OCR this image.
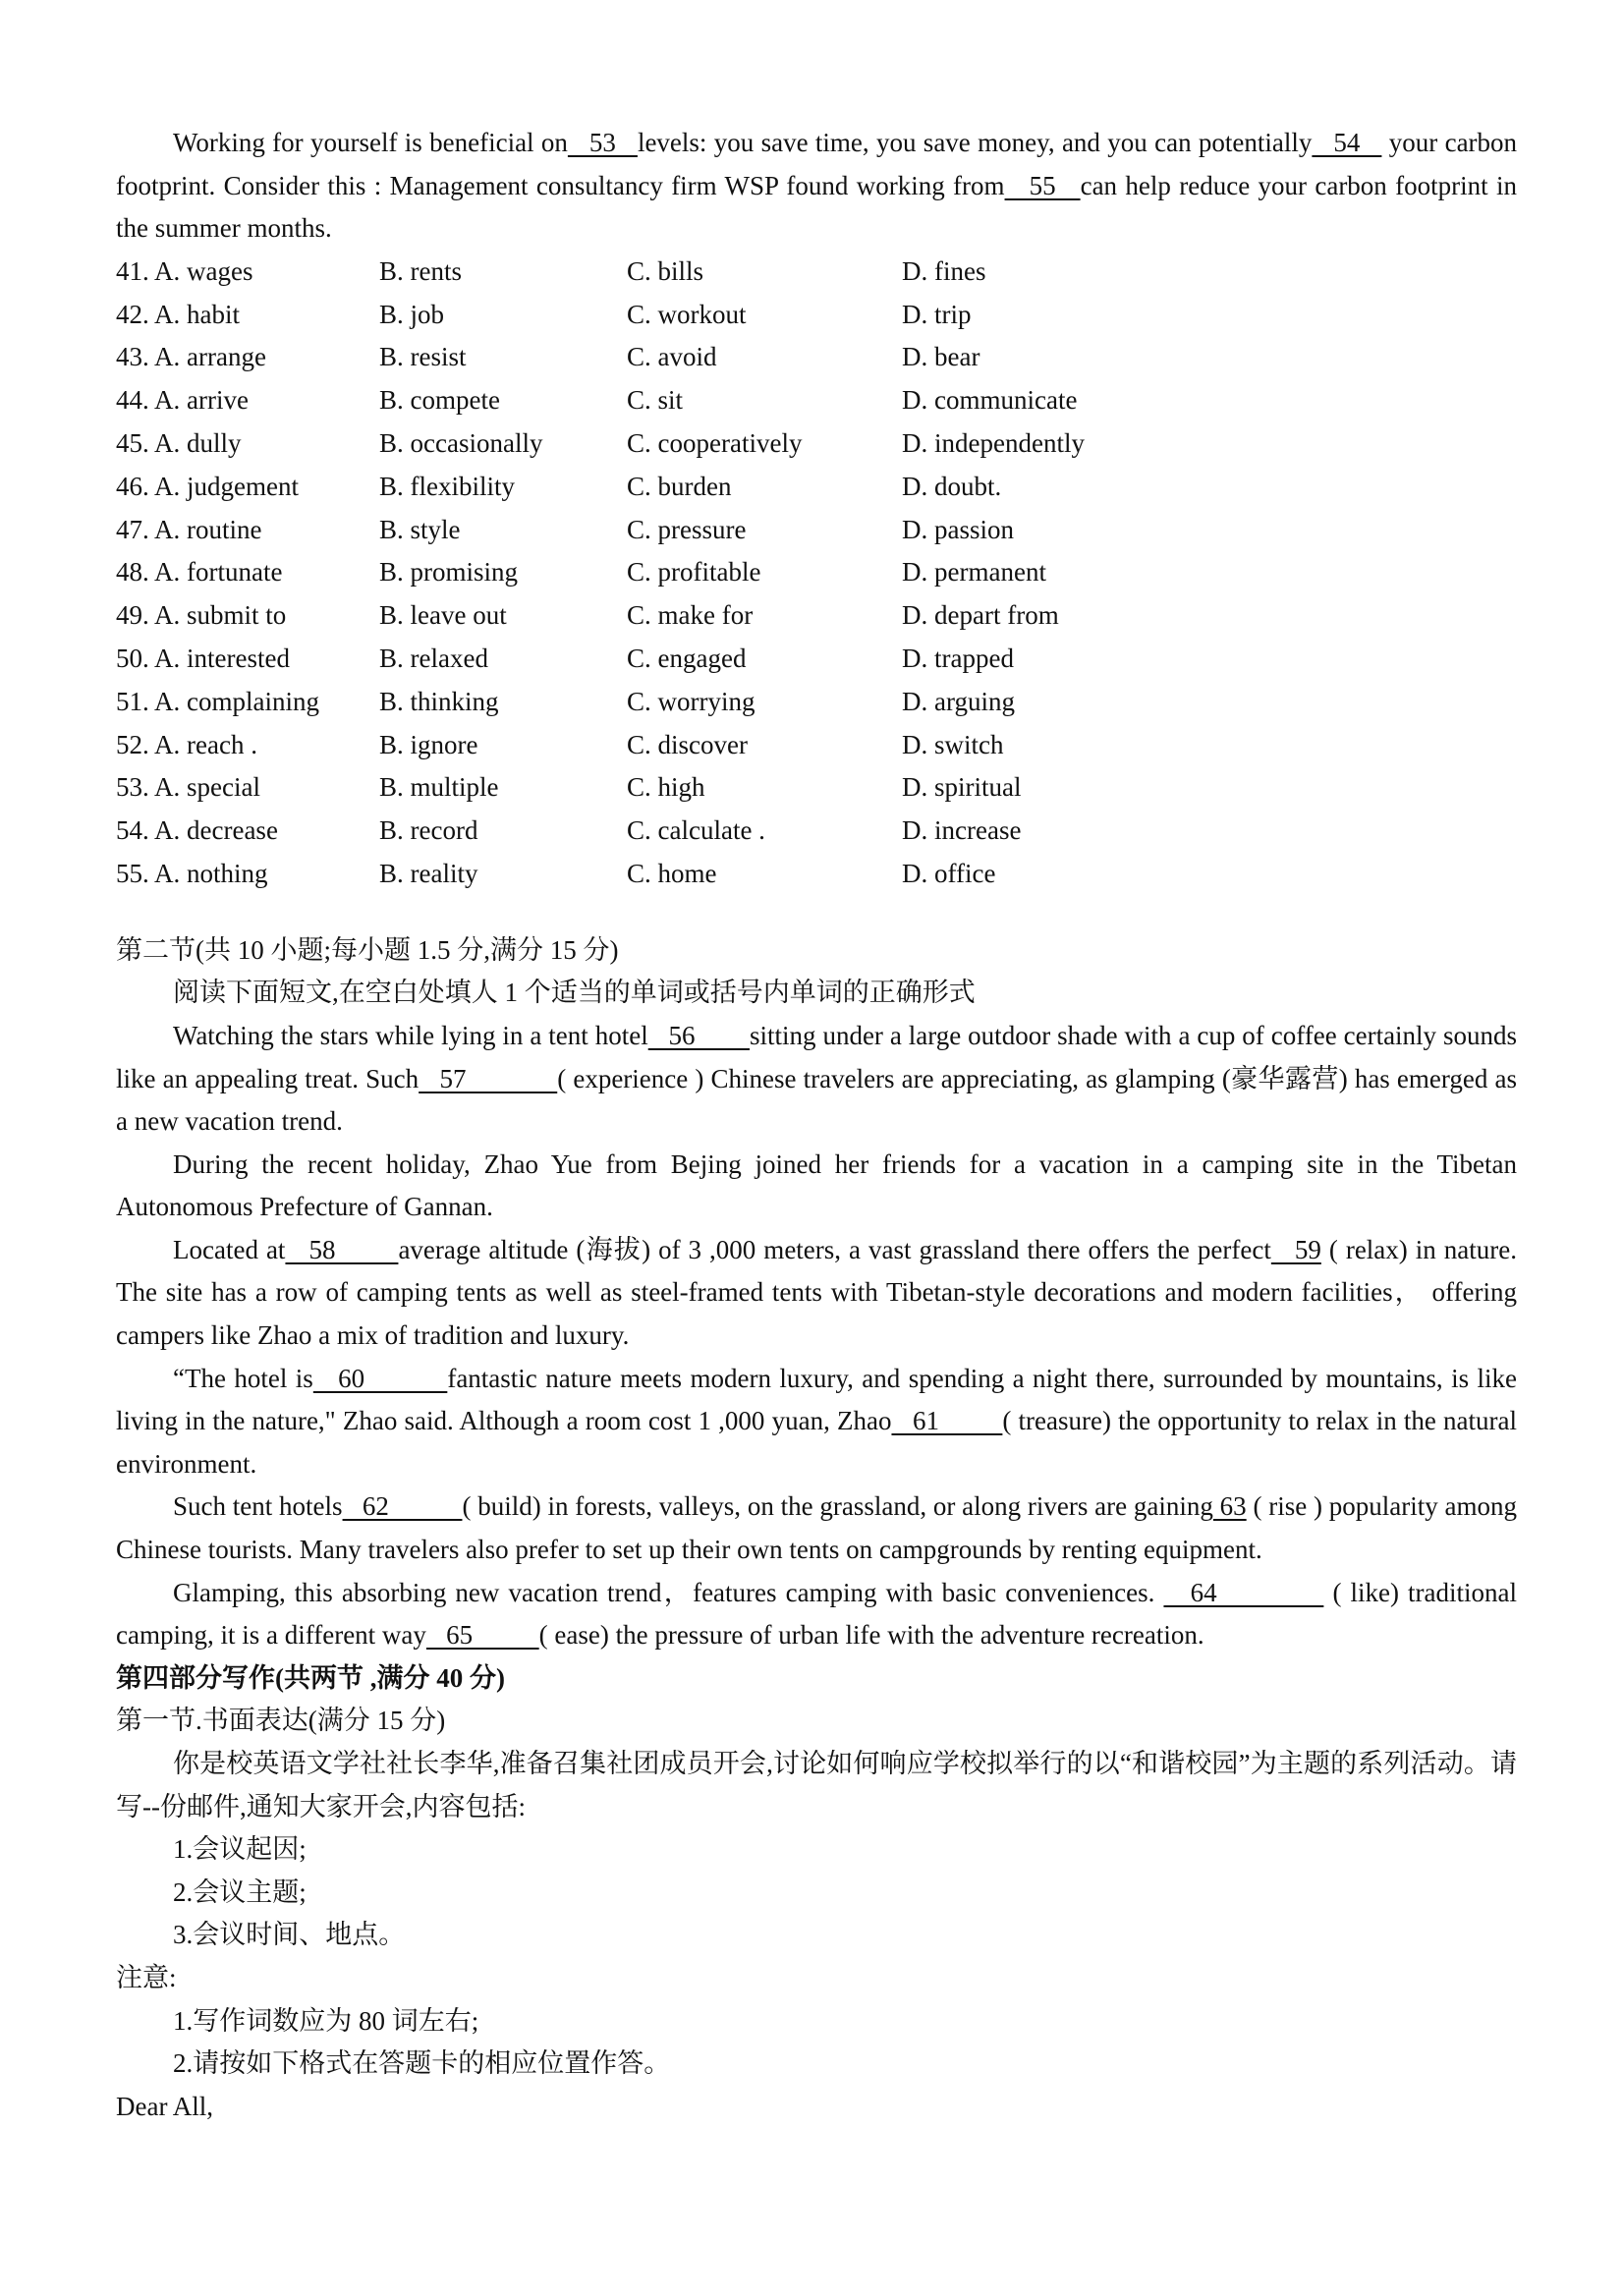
Working for yourself is beneficial on   53   levels: you save time, you save money, and you can potentially   54    your carbon footprint. Consider this : Management consultancy firm WSP found working from   55   can help reduce your carbon footprint in the summer months.

41. A. wages	B. rents	C. bills	D. fines
42. A. habit	B. job	C. workout	D. trip
43. A. arrange	B. resist	C. avoid	D. bear
44. A. arrive	B. compete	C. sit	D. communicate
45. A. dully	B. occasionally	C. cooperatively	D. independently
46. A. judgement	B. flexibility	C. burden	D. doubt.
47. A. routine	B. style	C. pressure	D. passion
48. A. fortunate	B. promising	C. profitable	D. permanent
49. A. submit to	B. leave out	C. make for	D. depart from
50. A. interested	B. relaxed	C. engaged	D. trapped
51. A. complaining B. thinking	C. worrying	D. arguing
52. A. reach .	B. ignore	C. discover	D. switch
53. A. special	B. multiple	C. high	D. spiritual
54. A. decrease	B. record	C. calculate .	D. increase
55. A. nothing	B. reality	C. home	D. office

第二节(共 10 小题;每小题 1.5 分,满分 15 分)

阅读下面短文,在空白处填人 1 个适当的单词或括号内单词的正确形式

Watching the stars while lying in a tent hotel   56        sitting under a large outdoor shade with a cup of coffee certainly sounds like an appealing treat. Such   57             ( experience ) Chinese travelers are appreciating, as glamping (豪华露营) has emerged as a new vacation trend.

During the recent holiday, Zhao Yue from Bejing joined her friends for a vacation in a camping site in the Tibetan Autonomous Prefecture of Gannan.

Located at   58        average altitude (海拔) of 3 ,000 meters, a vast grassland there offers the perfect   59 ( relax) in nature. The site has a row of camping tents as well as steel-framed tents with Tibetan-style decorations and modern facilities， offering campers like Zhao a mix of tradition and luxury.

“The hotel is   60          fantastic nature meets modern luxury, and spending a night there, surrounded by mountains, is like living in the nature," Zhao said. Although a room cost 1 ,000 yuan, Zhao   61         ( treasure) the opportunity to relax in the natural environment.

Such tent hotels   62           ( build) in forests, valleys, on the grassland, or along rivers are gaining 63 ( rise ) popularity among Chinese tourists. Many travelers also prefer to set up their own tents on campgrounds by renting equipment.

Glamping, this absorbing new vacation trend，features camping with basic conveniences.    64             ( like) traditional camping, it is a different way   65          ( ease) the pressure of urban life with the adventure recreation.

第四部分写作(共两节 ,满分 40 分)

第一节.书面表达(满分 15 分)

你是校英语文学社社长李华,准备召集社团成员开会,讨论如何响应学校拟举行的以“和谐校园”为主题的系列活动。请写--份邮件,通知大家开会,内容包括:

1.会议起因;

2.会议主题;

3.会议时间、地点。

注意:

1.写作词数应为 80 词左右;

2.请按如下格式在答题卡的相应位置作答。

Dear All,
